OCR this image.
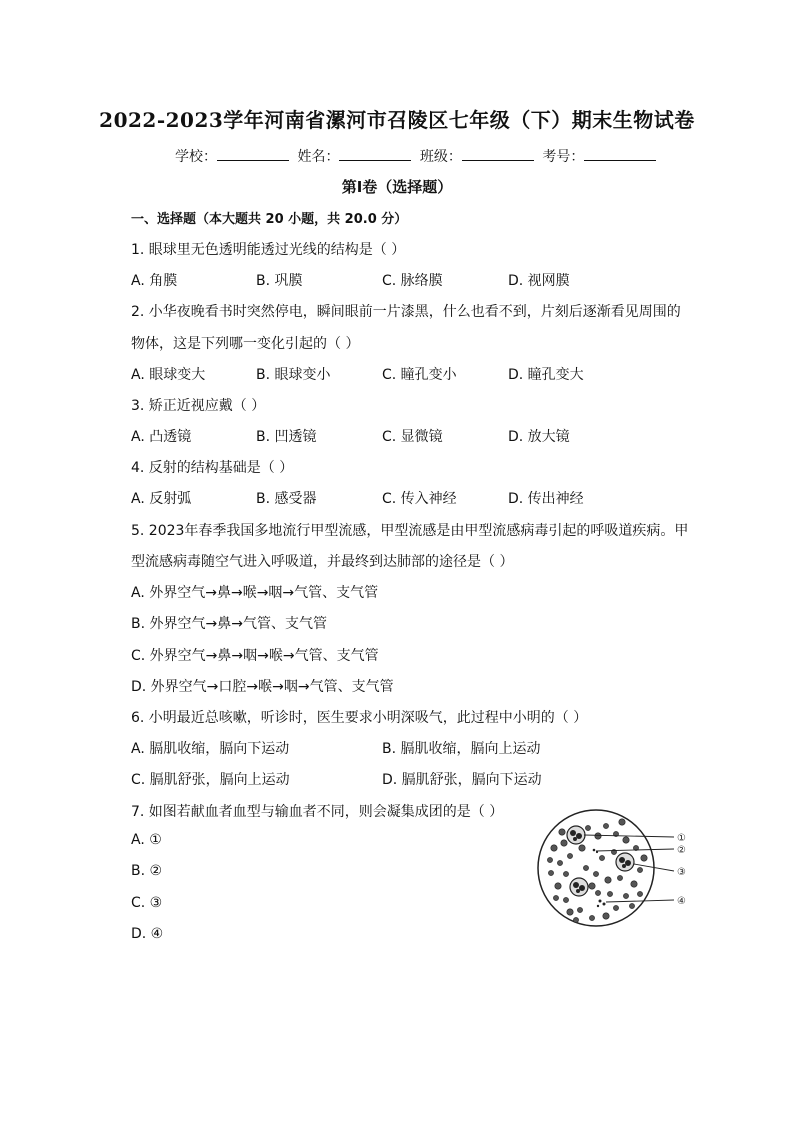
2022-2023学年河南省漯河市召陵区七年级（下）期末生物试卷
学校：	姓名：	班级：	考号：
第Ⅰ卷（选择题）
一、选择题（本大题共 20 小题，共 20.0 分）
1. 眼球里无色透明能透过光线的结构是（ ）
A. 角膜	B. 巩膜	C. 脉络膜	D. 视网膜
2. 小华夜晚看书时突然停电，瞬间眼前一片漆黑，什么也看不到，片刻后逐渐看见周围的
物体，这是下列哪一变化引起的（ ）
A. 眼球变大	B. 眼球变小	C. 瞳孔变小	D. 瞳孔变大
3. 矫正近视应戴（ ）
A. 凸透镜	B. 凹透镜	C. 显微镜	D. 放大镜
4. 反射的结构基础是（ ）
A. 反射弧	B. 感受器	C. 传入神经	D. 传出神经
5. 2023年春季我国多地流行甲型流感，甲型流感是由甲型流感病毒引起的呼吸道疾病。甲
型流感病毒随空气进入呼吸道，并最终到达肺部的途径是（ ）
A. 外界空气→鼻→喉→咽→气管、支气管
B. 外界空气→鼻→气管、支气管
C. 外界空气→鼻→咽→喉→气管、支气管
D. 外界空气→口腔→喉→咽→气管、支气管
6. 小明最近总咳嗽，听诊时，医生要求小明深吸气，此过程中小明的（ ）
A. 膈肌收缩，膈向下运动	B. 膈肌收缩，膈向上运动
C. 膈肌舒张，膈向上运动	D. 膈肌舒张，膈向下运动
7. 如图若献血者血型与输血者不同，则会凝集成团的是（ ）
A. ①
B. ②
C. ③
D. ④
①
②
③
④
